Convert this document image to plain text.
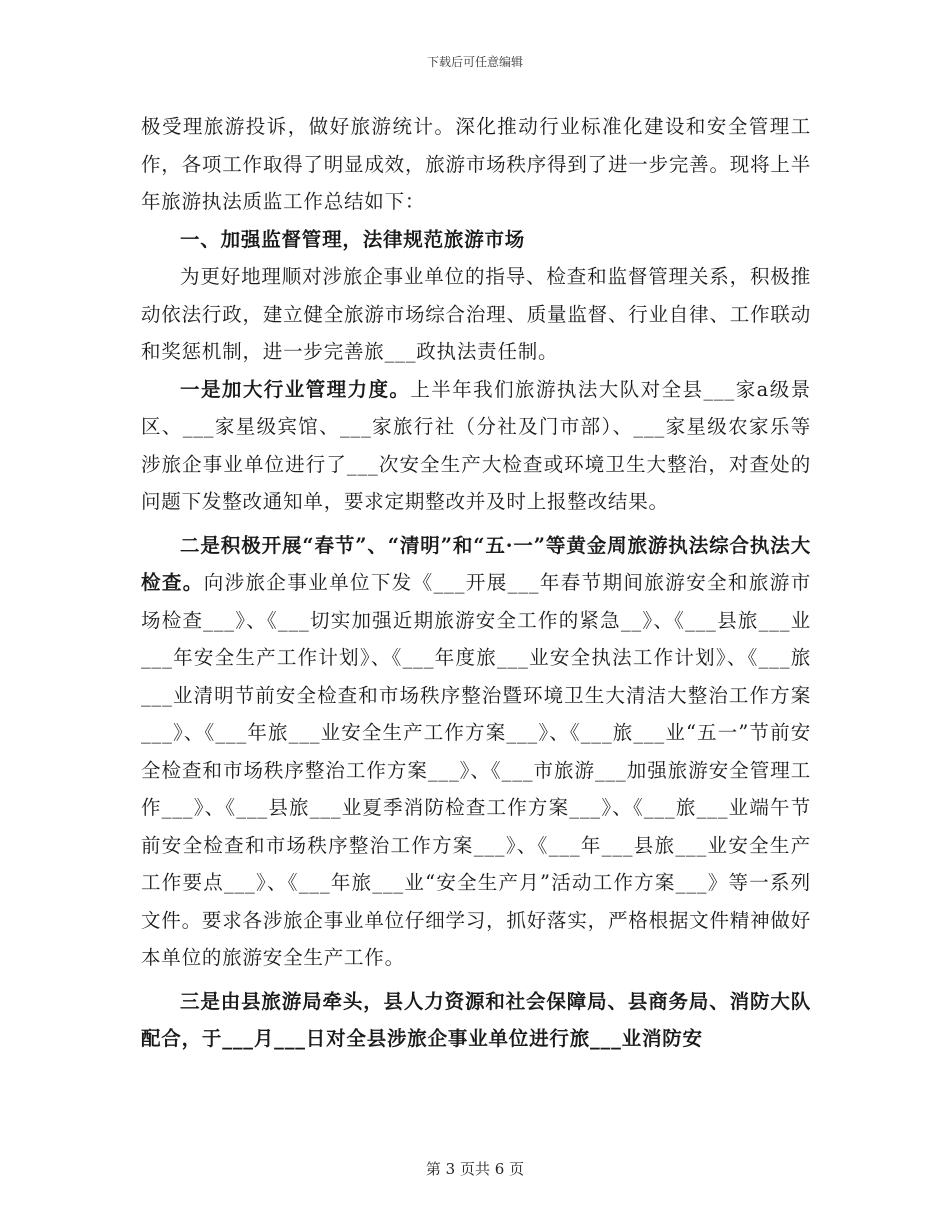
下载后可任意编辑

极受理旅游投诉，做好旅游统计。深化推动行业标准化建设和安全管理工作，各项工作取得了明显成效，旅游市场秩序得到了进一步完善。现将上半年旅游执法质监工作总结如下：

一、加强监督管理，法律规范旅游市场

为更好地理顺对涉旅企事业单位的指导、检查和监督管理关系，积极推动依法行政，建立健全旅游市场综合治理、质量监督、行业自律、工作联动和奖惩机制，进一步完善旅___政执法责任制。

一是加大行业管理力度。上半年我们旅游执法大队对全县___家a级景区、___家星级宾馆、___家旅行社（分社及门市部）、___家星级农家乐等涉旅企事业单位进行了___次安全生产大检查或环境卫生大整治，对查处的问题下发整改通知单，要求定期整改并及时上报整改结果。

二是积极开展“春节”、“清明”和“五·一”等黄金周旅游执法综合执法大检查。向涉旅企事业单位下发《___开展___年春节期间旅游安全和旅游市场检查___》、《___切实加强近期旅游安全工作的紧急__》、《___县旅___业___年安全生产工作计划》、《___年度旅___业安全执法工作计划》、《___旅___业清明节前安全检查和市场秩序整治暨环境卫生大清洁大整治工作方案___》、《___年旅___业安全生产工作方案___》、《___旅___业“五一”节前安全检查和市场秩序整治工作方案___》、《___市旅游___加强旅游安全管理工作___》、《___县旅___业夏季消防检查工作方案___》、《___旅___业端午节前安全检查和市场秩序整治工作方案___》、《___年___县旅___业安全生产工作要点___》、《___年旅___业“安全生产月”活动工作方案___》等一系列文件。要求各涉旅企事业单位仔细学习，抓好落实，严格根据文件精神做好本单位的旅游安全生产工作。

三是由县旅游局牵头，县人力资源和社会保障局、县商务局、消防大队配合，于___月___日对全县涉旅企事业单位进行旅___业消防安

第 3 页共 6 页
